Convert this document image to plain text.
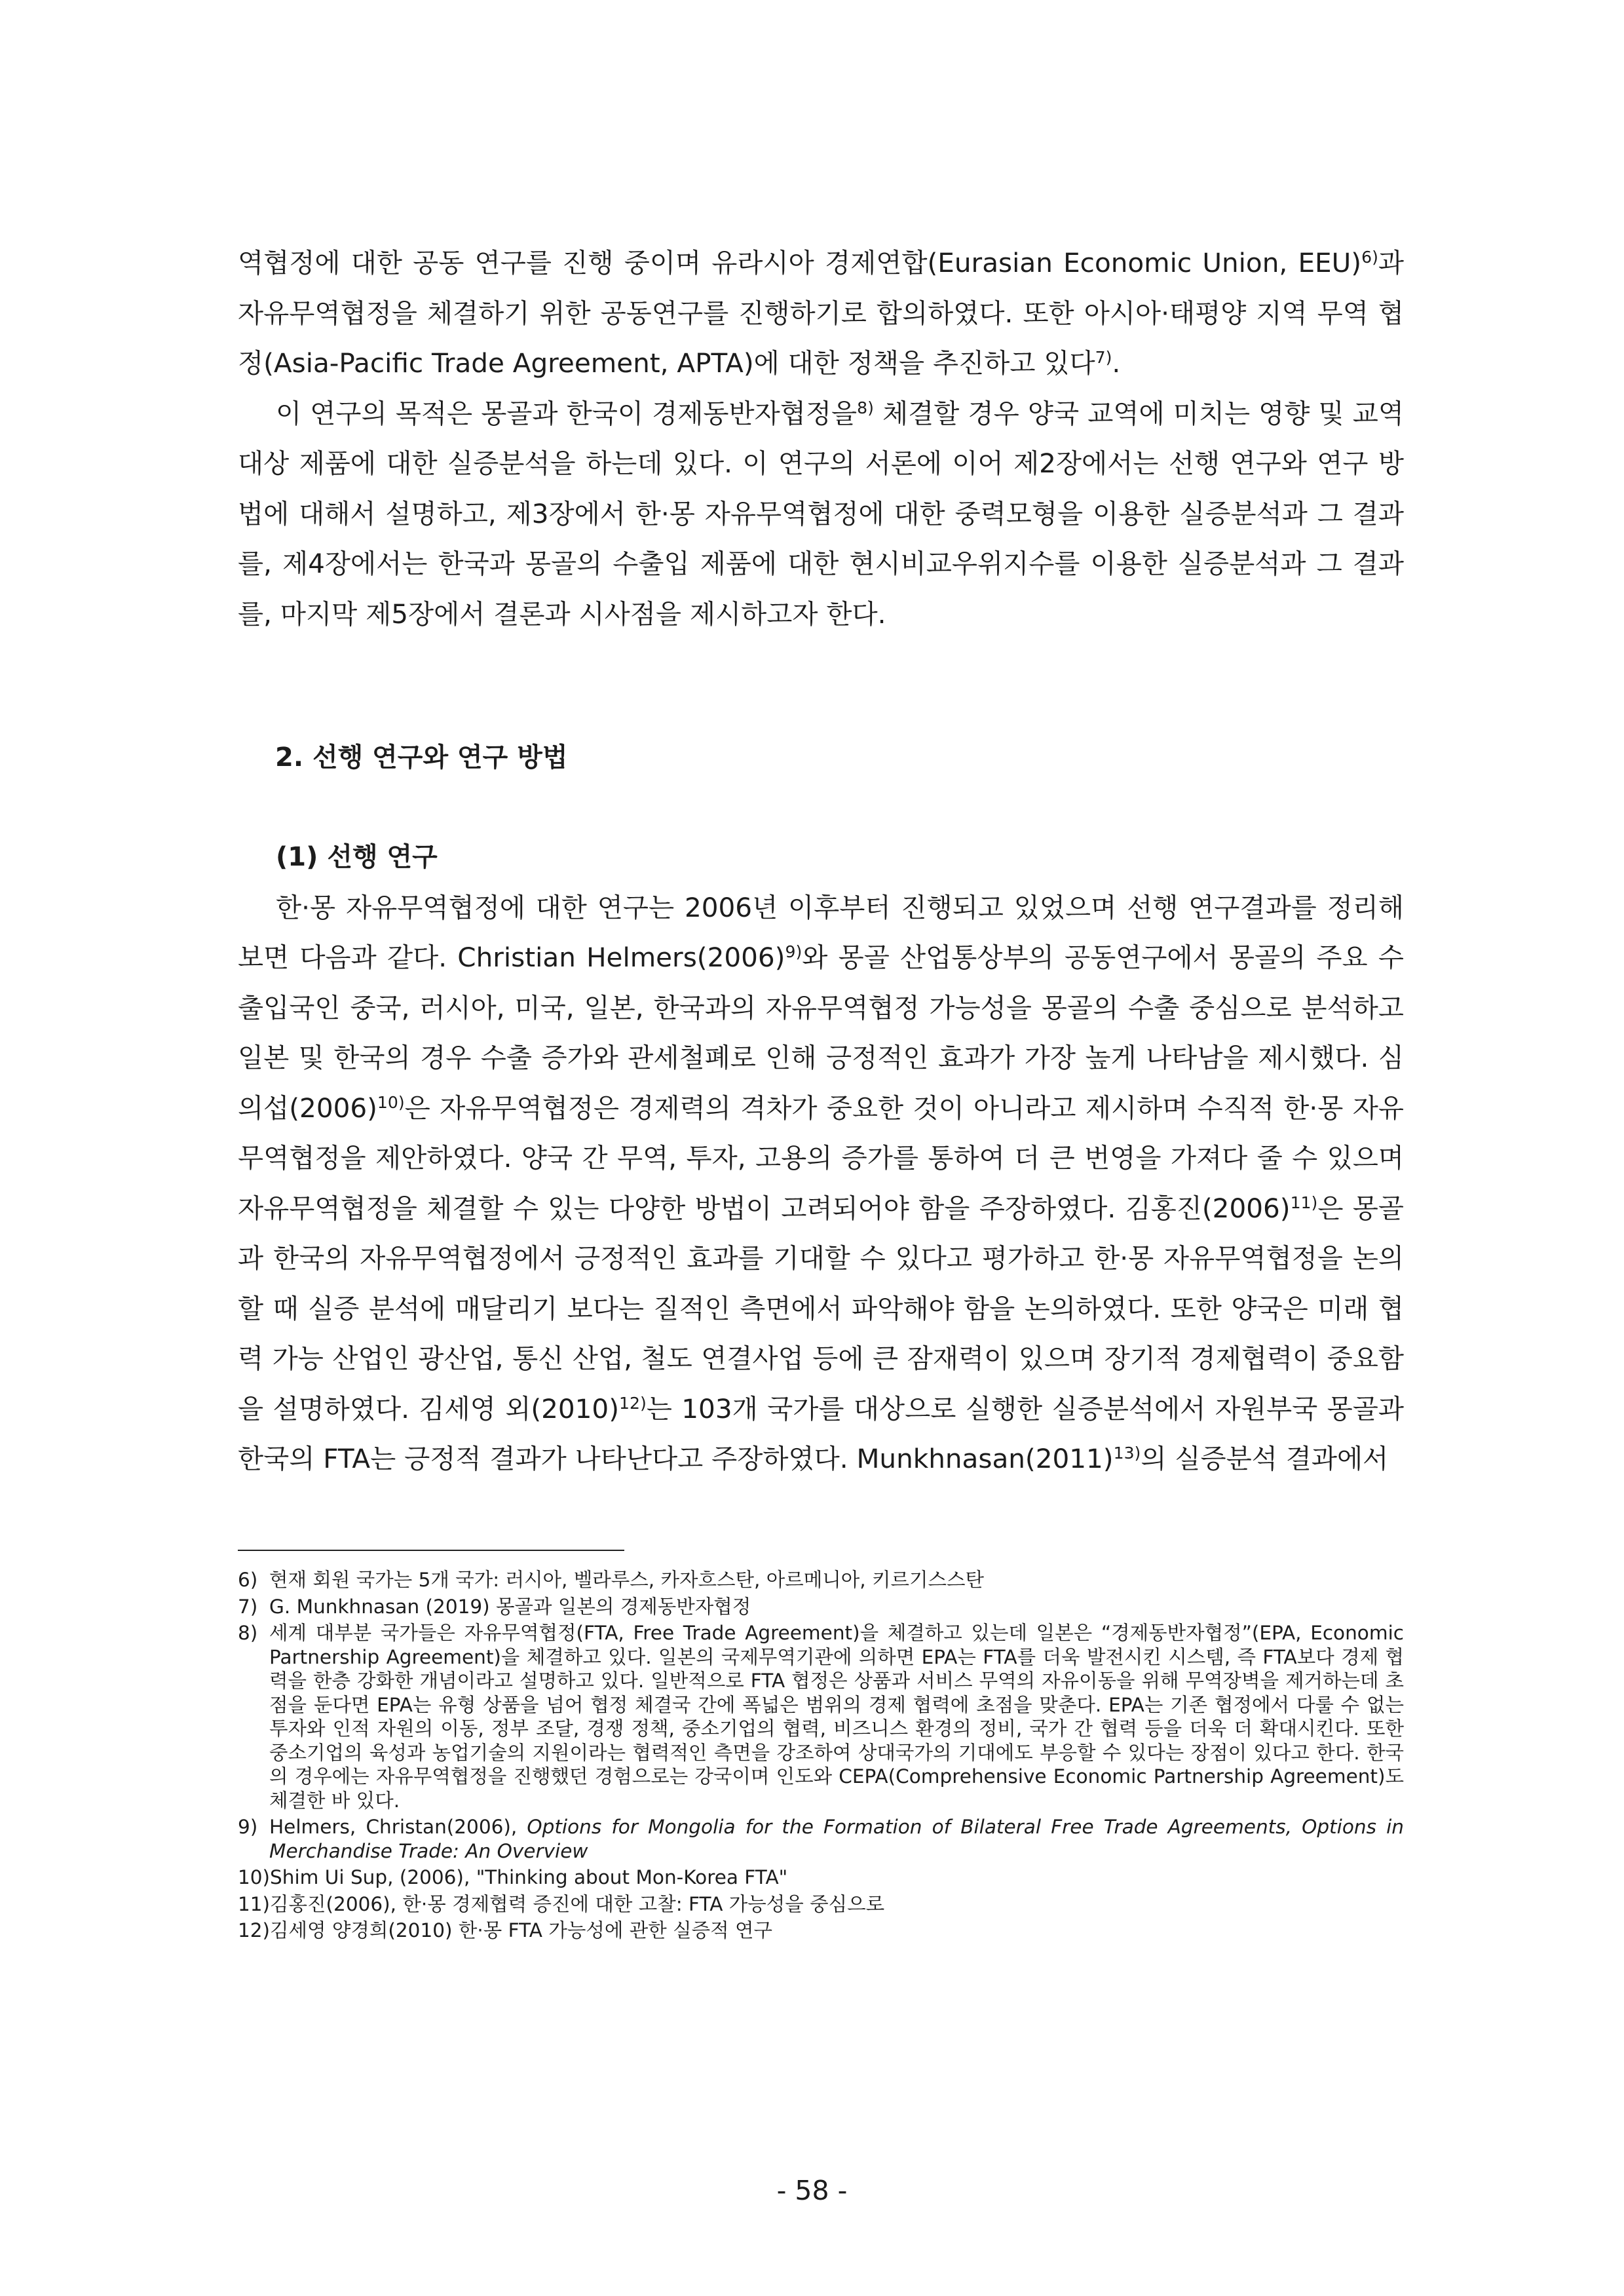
역협정에 대한 공동 연구를 진행 중이며 유라시아 경제연합(Eurasian Economic Union, EEU)$^{6)}$과 자유무역협정을 체결하기 위한 공동연구를 진행하기로 합의하였다. 또한 아시아·태평양 지역 무역 협정(Asia-Pacific Trade Agreement, APTA)에 대한 정책을 추진하고 있다$^{7)}$.

이 연구의 목적은 몽골과 한국이 경제동반자협정을$^{8)}$ 체결할 경우 양국 교역에 미치는 영향 및 교역 대상 제품에 대한 실증분석을 하는데 있다. 이 연구의 서론에 이어 제2장에서는 선행 연구와 연구 방법에 대해서 설명하고, 제3장에서 한·몽 자유무역협정에 대한 중력모형을 이용한 실증분석과 그 결과를, 제4장에서는 한국과 몽골의 수출입 제품에 대한 현시비교우위지수를 이용한 실증분석과 그 결과를, 마지막 제5장에서 결론과 시사점을 제시하고자 한다.

2. 선행 연구와 연구 방법

(1) 선행 연구

한·몽 자유무역협정에 대한 연구는 2006년 이후부터 진행되고 있었으며 선행 연구결과를 정리해보면 다음과 같다. Christian $Helmers(2006)^{9)}$와 몽골 산업통상부의 공동연구에서 몽골의 주요 수출입국인 중국, 러시아, 미국, 일본, 한국과의 자유무역협정 가능성을 몽골의 수출 중심으로 분석하고 일본 및 한국의 경우 수출 증가와 관세철폐로 인해 긍정적인 효과가 가장 높게 나타남을 제시했다. 심의섭$(2006)^{10)}$은 자유무역협정은 경제력의 격차가 중요한 것이 아니라고 제시하며 수직적 한·몽 자유무역협정을 제안하였다. 양국 간 무역, 투자, 고용의 증가를 통하여 더 큰 번영을 가져다 줄 수 있으며 자유무역협정을 체결할 수 있는 다양한 방법이 고려되어야 함을 주장하였다. 김홍진$(2006)^{11)}$은 몽골과 한국의 자유무역협정에서 긍정적인 효과를 기대할 수 있다고 평가하고 한·몽 자유무역협정을 논의할 때 실증 분석에 매달리기 보다는 질적인 측면에서 파악해야 함을 논의하였다. 또한 양국은 미래 협력 가능 산업인 광산업, 통신 산업, 철도 연결사업 등에 큰 잠재력이 있으며 장기적 경제협력이 중요함을 설명하였다. 김세영 외$(2010)^{12)}$는 103개 국가를 대상으로 실행한 실증분석에서 자원부국 몽골과 한국의 FTA는 긍정적 결과가 나타난다고 주장하였다. $Munkhnasan(2011)^{13)}$의 실증분석 결과에서

6) 현재 회원 국가는 5개 국가: 러시아, 벨라루스, 카자흐스탄, 아르메니아, 키르기스스탄
7) G. Munkhnasan (2019) 몽골과 일본의 경제동반자협정
8) 세계 대부분 국가들은 자유무역협정(FTA, Free Trade Agreement)을 체결하고 있는데 일본은 “경제동반자협정”(EPA, Economic Partnership Agreement)을 체결하고 있다. 일본의 국제무역기관에 의하면 EPA는 FTA를 더욱 발전시킨 시스템, 즉 FTA보다 경제 협력을 한층 강화한 개념이라고 설명하고 있다. 일반적으로 FTA 협정은 상품과 서비스 무역의 자유이동을 위해 무역장벽을 제거하는데 초점을 둔다면 EPA는 유형 상품을 넘어 협정 체결국 간에 폭넓은 범위의 경제 협력에 초점을 맞춘다. EPA는 기존 협정에서 다룰 수 없는 투자와 인적 자원의 이동, 정부 조달, 경쟁 정책, 중소기업의 협력, 비즈니스 환경의 정비, 국가 간 협력 등을 더욱 더 확대시킨다. 또한 중소기업의 육성과 농업기술의 지원이라는 협력적인 측면을 강조하여 상대국가의 기대에도 부응할 수 있다는 장점이 있다고 한다. 한국의 경우에는 자유무역협정을 진행했던 경험으로는 강국이며 인도와 CEPA(Comprehensive Economic Partnership Agreement)도 체결한 바 있다.
9) Helmers, Christan(2006), Options for Mongolia for the Formation of Bilateral Free Trade Agreements, Options in Merchandise Trade: An Overview
10) Shim Ui Sup, (2006), "Thinking about Mon-Korea FTA"
11) 김홍진(2006), 한·몽 경제협력 증진에 대한 고찰: FTA 가능성을 중심으로
12) 김세영 양경희(2010) 한·몽 FTA 가능성에 관한 실증적 연구
- 58 -
